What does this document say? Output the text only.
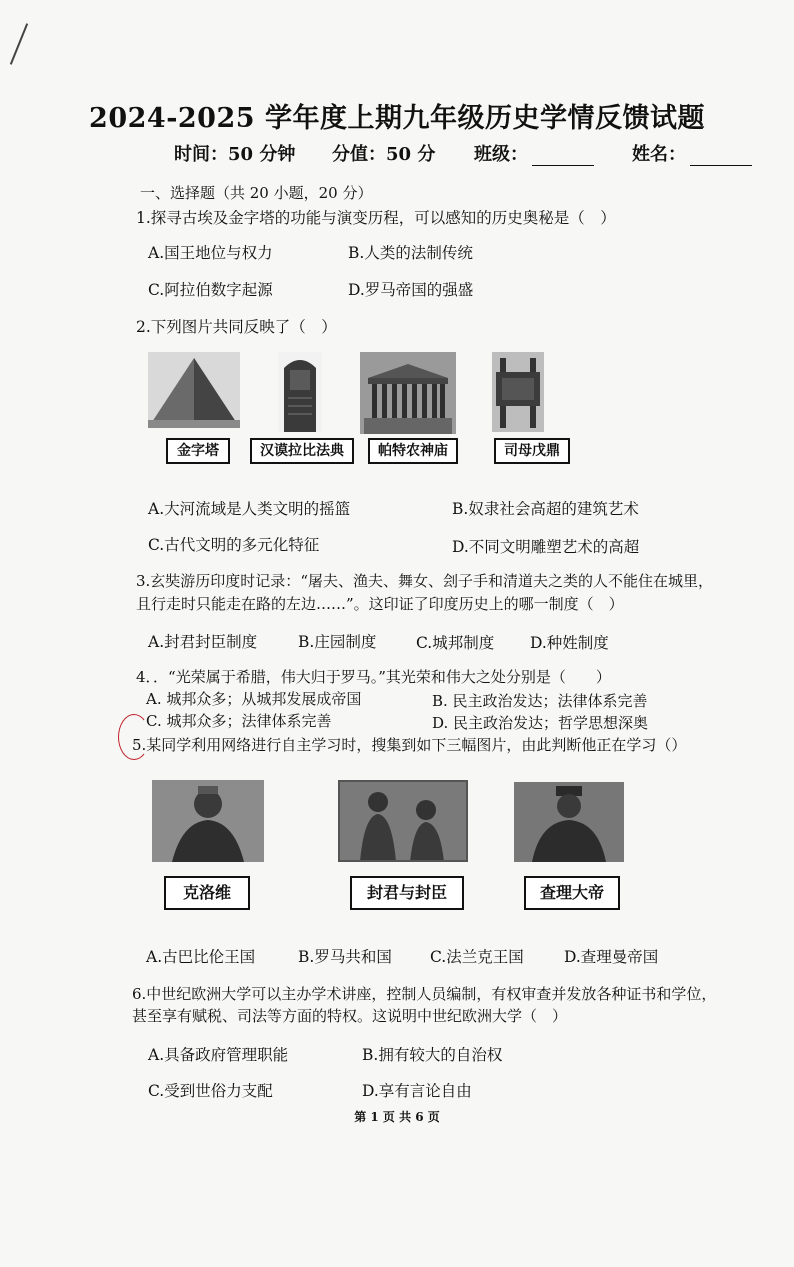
2024-2025 学年度上期九年级历史学情反馈试题
时间：50 分钟 分值：50 分 班级：	姓名：
一、选择题（共 20 小题，20 分）
1.探寻古埃及金字塔的功能与演变历程，可以感知的历史奥秘是（　）
A.国王地位与权力	B.人类的法制传统
C.阿拉伯数字起源	D.罗马帝国的强盛
2.下列图片共同反映了（　）
金字塔	汉谟拉比法典	帕特农神庙	司母戊鼎
A.大河流域是人类文明的摇篮	B.奴隶社会高超的建筑艺术
C.古代文明的多元化特征	D.不同文明雕塑艺术的高超
3.玄奘游历印度时记录：“屠夫、渔夫、舞女、刽子手和清道夫之类的人不能住在城里，
且行走时只能走在路的左边……”。这印证了印度历史上的哪一制度（　）
A.封君封臣制度	B.庄园制度	C.城邦制度 D.种姓制度
4．．“光荣属于希腊，伟大归于罗马。”其光荣和伟大之处分别是（　　）
A. 城邦众多；从城邦发展成帝国	B. 民主政治发达；法律体系完善
C. 城邦众多；法律体系完善	D. 民主政治发达；哲学思想深奥
5.某同学利用网络进行自主学习时，搜集到如下三幅图片，由此判断他正在学习（）
克洛维	封君与封臣	查理大帝
A.古巴比伦王国	B.罗马共和国 C.法兰克王国	D.查理曼帝国
6.中世纪欧洲大学可以主办学术讲座，控制人员编制，有权审查并发放各种证书和学位，
甚至享有赋税、司法等方面的特权。这说明中世纪欧洲大学（　）
A.具备政府管理职能	B.拥有较大的自治权
C.受到世俗力支配	D.享有言论自由
第 1 页 共 6 页
